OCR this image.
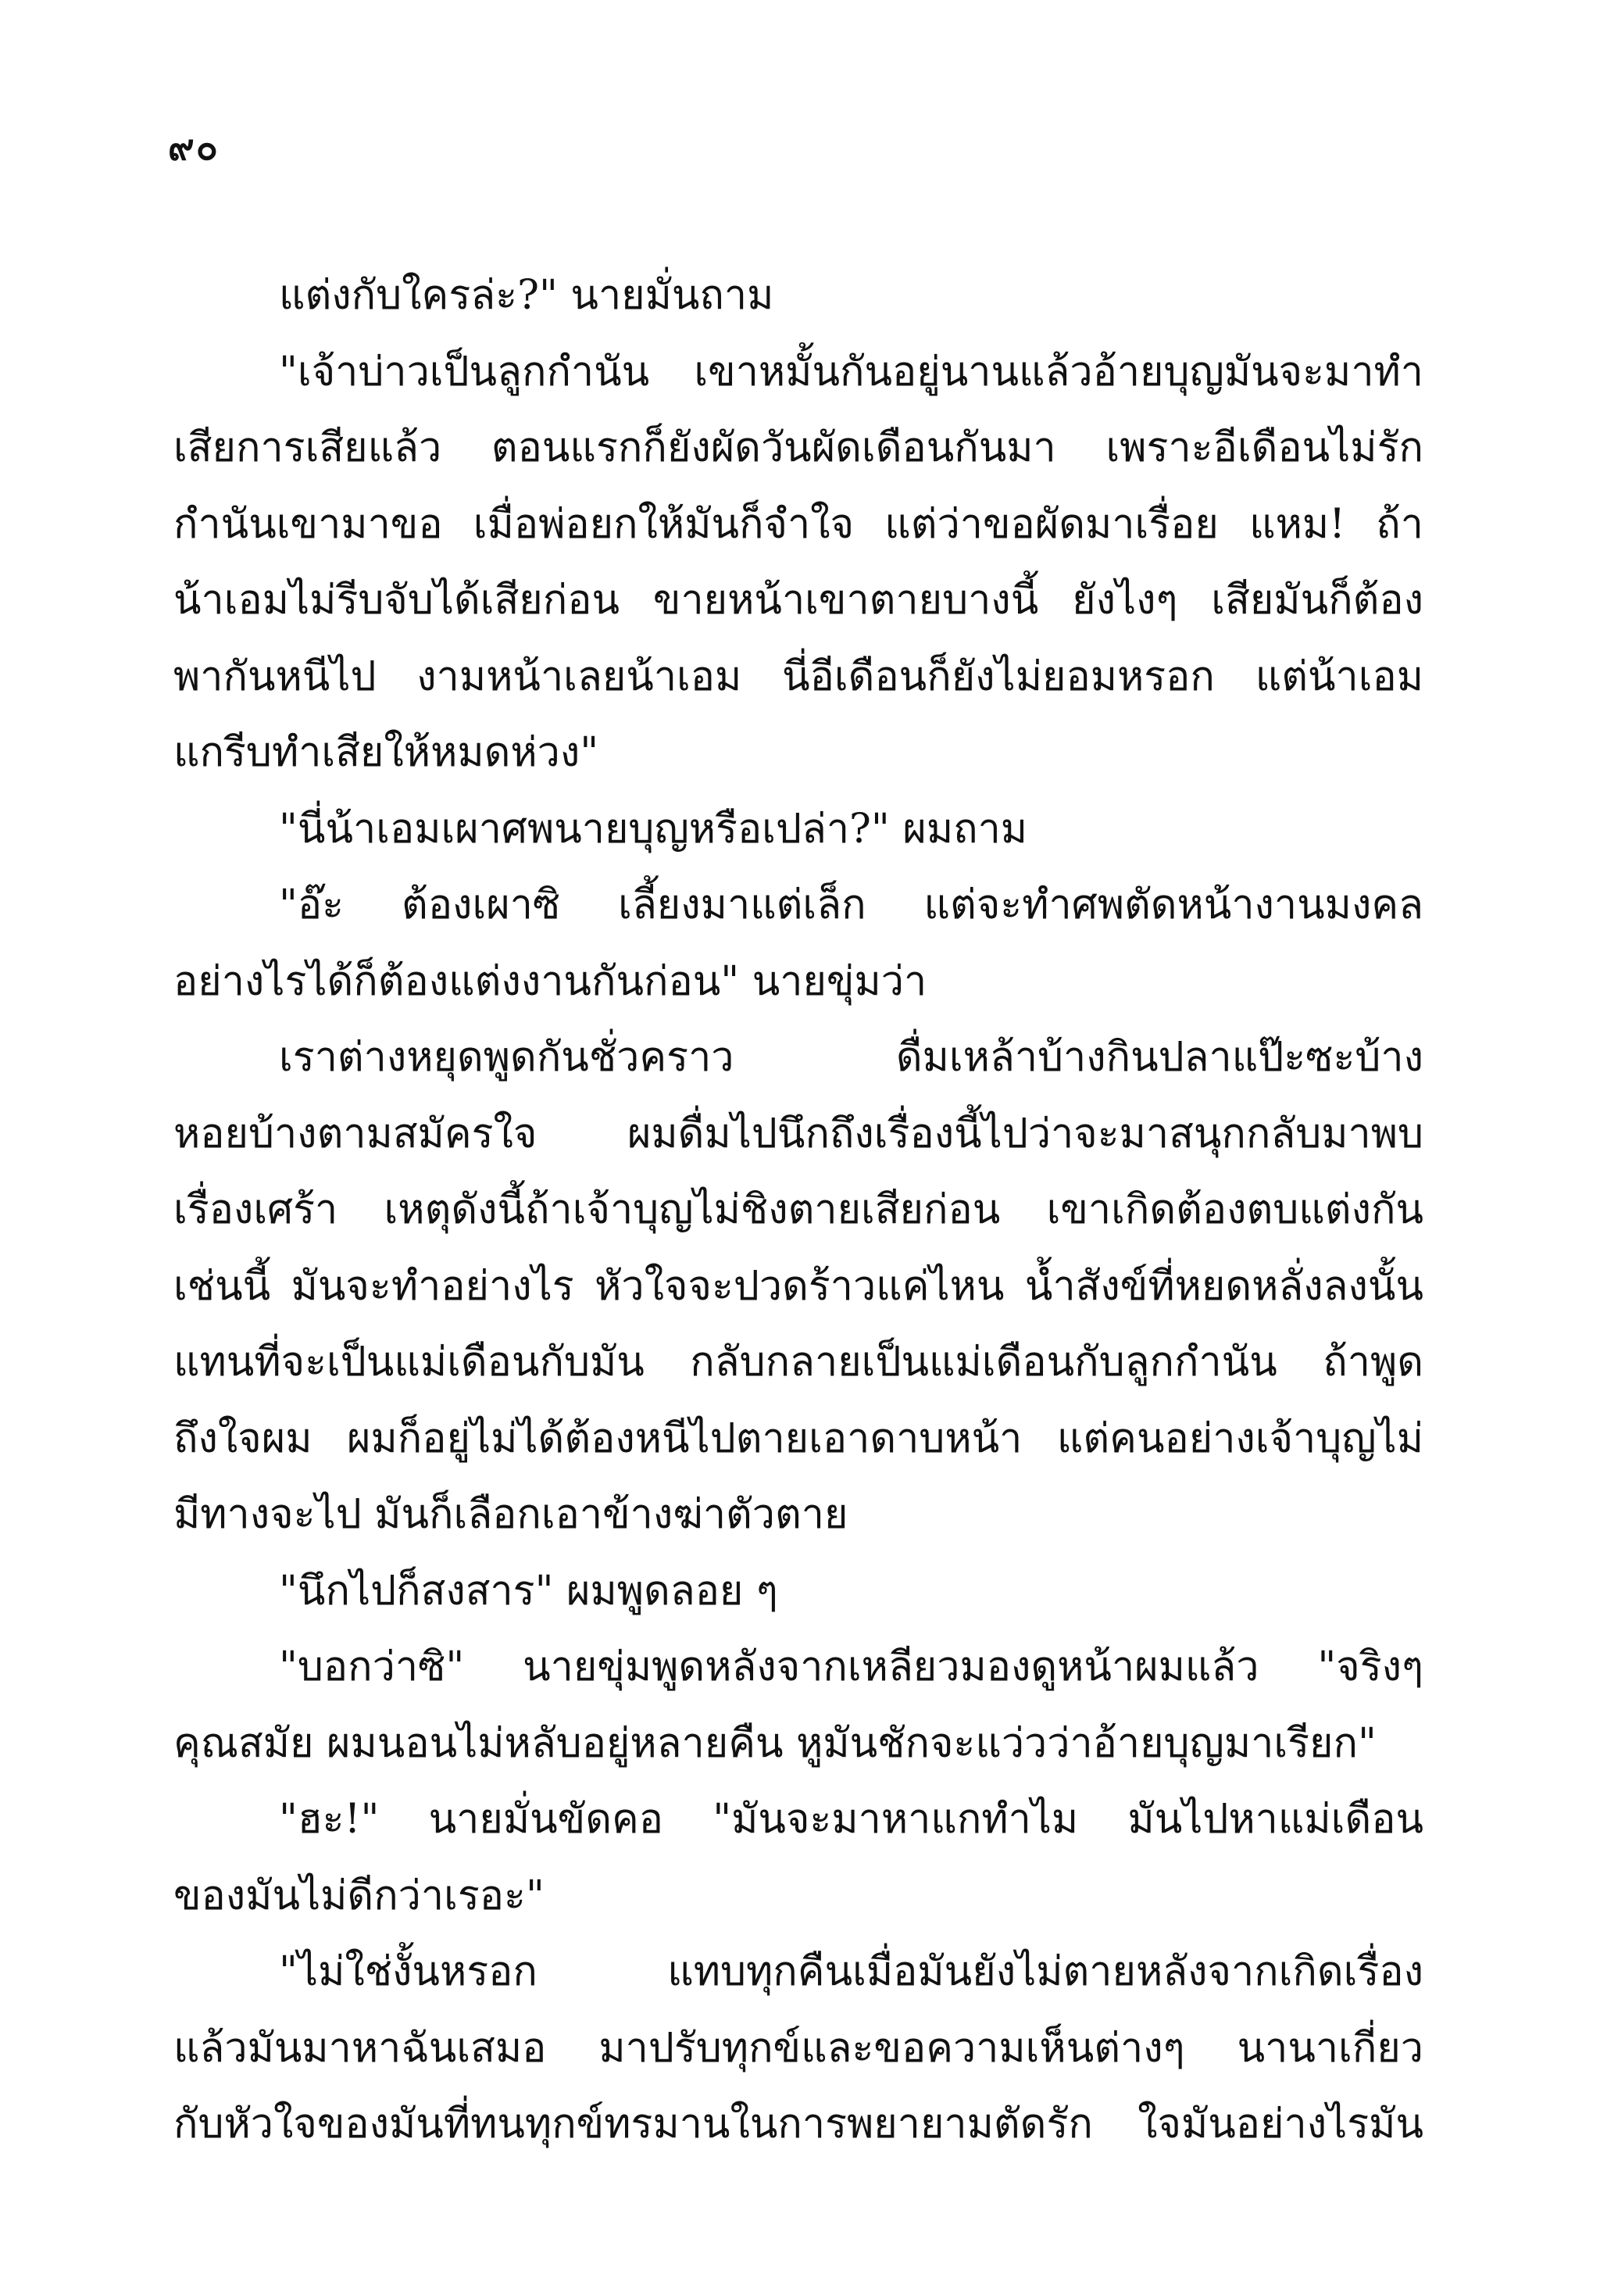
๙๐
แต่งกับใครล่ะ?" นายมั่นถาม
"เจ้าบ่าวเป็นลูกกำนัน เขาหมั้นกันอยู่นานแล้วอ้ายบุญมันจะมาทำ
เสียการเสียแล้ว ตอนแรกก็ยังผัดวันผัดเดือนกันมา เพราะอีเดือนไม่รัก
กำนันเขามาขอ เมื่อพ่อยกให้มันก็จำใจ แต่ว่าขอผัดมาเรื่อย แหม! ถ้า
น้าเอมไม่รีบจับได้เสียก่อน ขายหน้าเขาตายบางนี้ ยังไงๆ เสียมันก็ต้อง
พากันหนีไป งามหน้าเลยน้าเอม นี่อีเดือนก็ยังไม่ยอมหรอก แต่น้าเอม
แกรีบทำเสียให้หมดห่วง"
"นี่น้าเอมเผาศพนายบุญหรือเปล่า?" ผมถาม
"อ๊ะ ต้องเผาซิ เลี้ยงมาแต่เล็ก แต่จะทำศพตัดหน้างานมงคล
อย่างไรได้ก็ต้องแต่งงานกันก่อน" นายขุ่มว่า
เราต่างหยุดพูดกันชั่วคราว ดื่มเหล้าบ้างกินปลาแป๊ะซะบ้าง
หอยบ้างตามสมัครใจ ผมดื่มไปนึกถึงเรื่องนี้ไปว่าจะมาสนุกกลับมาพบ
เรื่องเศร้า เหตุดังนี้ถ้าเจ้าบุญไม่ชิงตายเสียก่อน เขาเกิดต้องตบแต่งกัน
เช่นนี้ มันจะทำอย่างไร หัวใจจะปวดร้าวแค่ไหน น้ำสังข์ที่หยดหลั่งลงนั้น
แทนที่จะเป็นแม่เดือนกับมัน กลับกลายเป็นแม่เดือนกับลูกกำนัน ถ้าพูด
ถึงใจผม ผมก็อยู่ไม่ได้ต้องหนีไปตายเอาดาบหน้า แต่คนอย่างเจ้าบุญไม่
มีทางจะไป มันก็เลือกเอาข้างฆ่าตัวตาย
"นึกไปก็สงสาร" ผมพูดลอย ๆ
"บอกว่าซิ" นายขุ่มพูดหลังจากเหลียวมองดูหน้าผมแล้ว "จริงๆ
คุณสมัย ผมนอนไม่หลับอยู่หลายคืน หูมันชักจะแว่วว่าอ้ายบุญมาเรียก"
"ฮะ!" นายมั่นขัดคอ "มันจะมาหาแกทำไม มันไปหาแม่เดือน
ของมันไม่ดีกว่าเรอะ"
"ไม่ใช่งั้นหรอก แทบทุกคืนเมื่อมันยังไม่ตายหลังจากเกิดเรื่อง
แล้วมันมาหาฉันเสมอ มาปรับทุกข์และขอความเห็นต่างๆ นานาเกี่ยว
กับหัวใจของมันที่ทนทุกข์ทรมานในการพยายามตัดรัก ใจมันอย่างไรมัน
